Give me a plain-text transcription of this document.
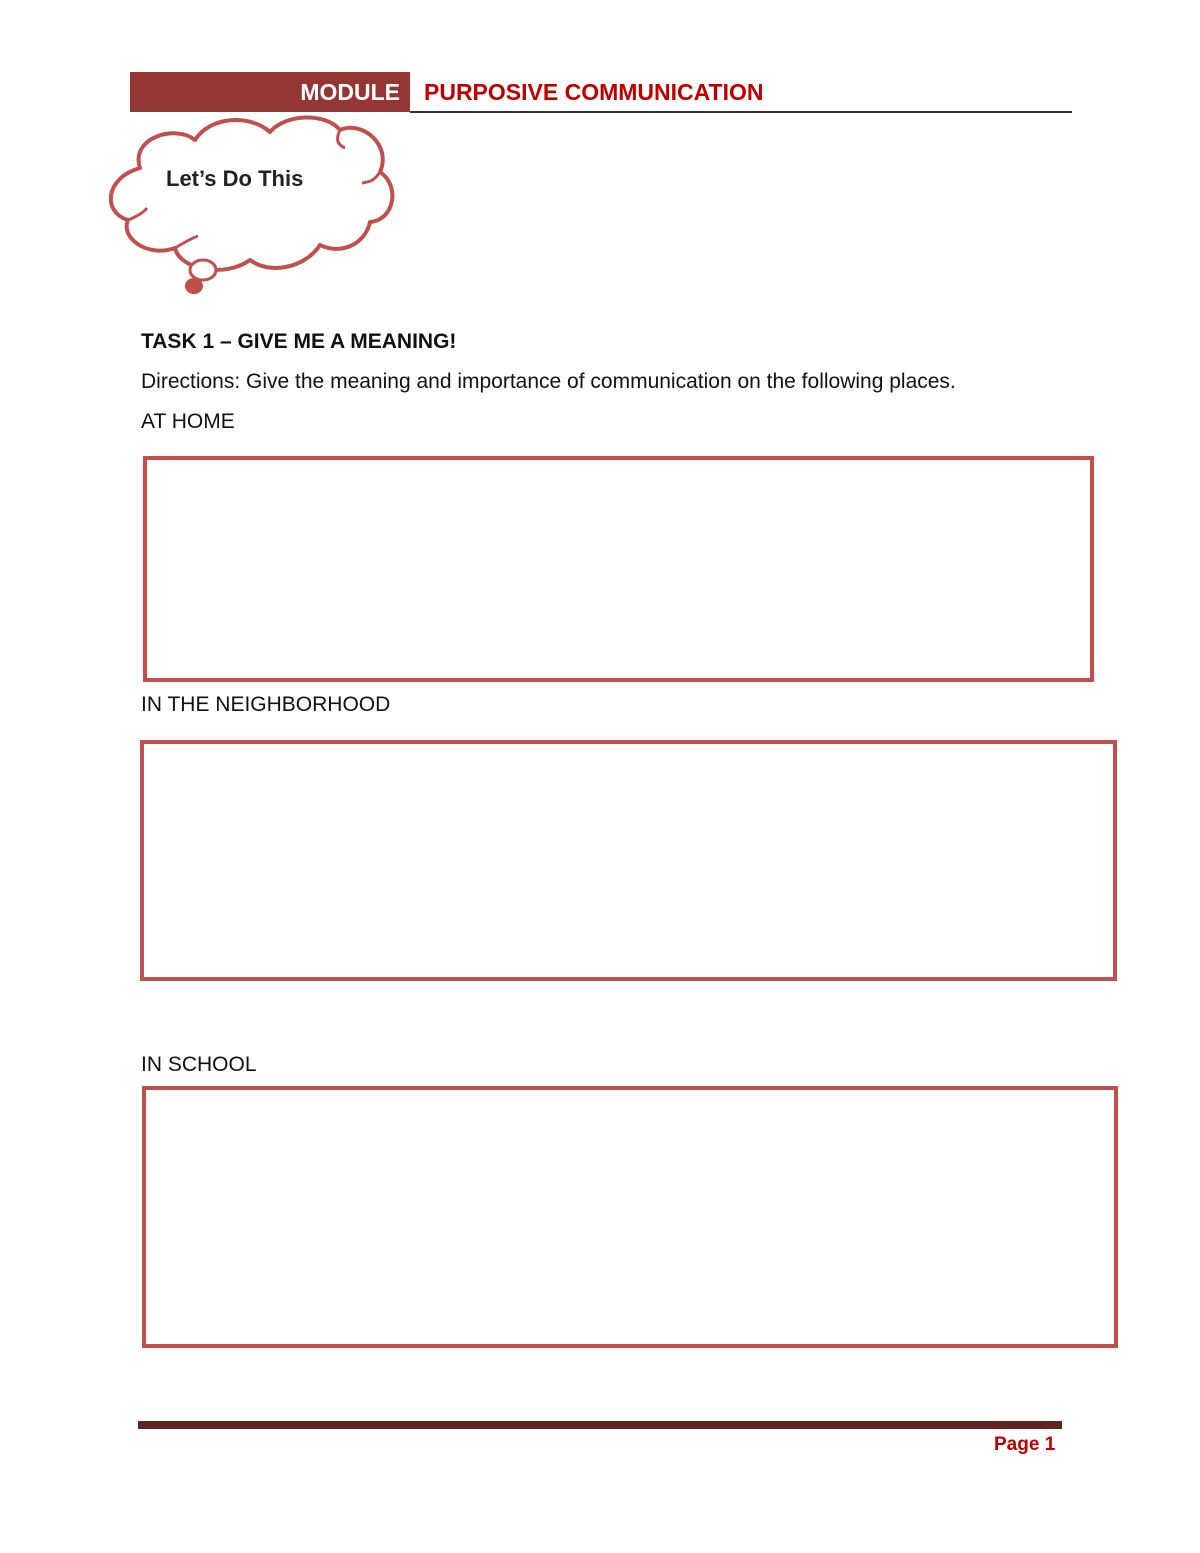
MODULE	PURPOSIVE COMMUNICATION
Let’s Do This
TASK 1 – GIVE ME A MEANING!
Directions: Give the meaning and importance of communication on the following places.
AT HOME
IN THE NEIGHBORHOOD
IN SCHOOL
Page 1
